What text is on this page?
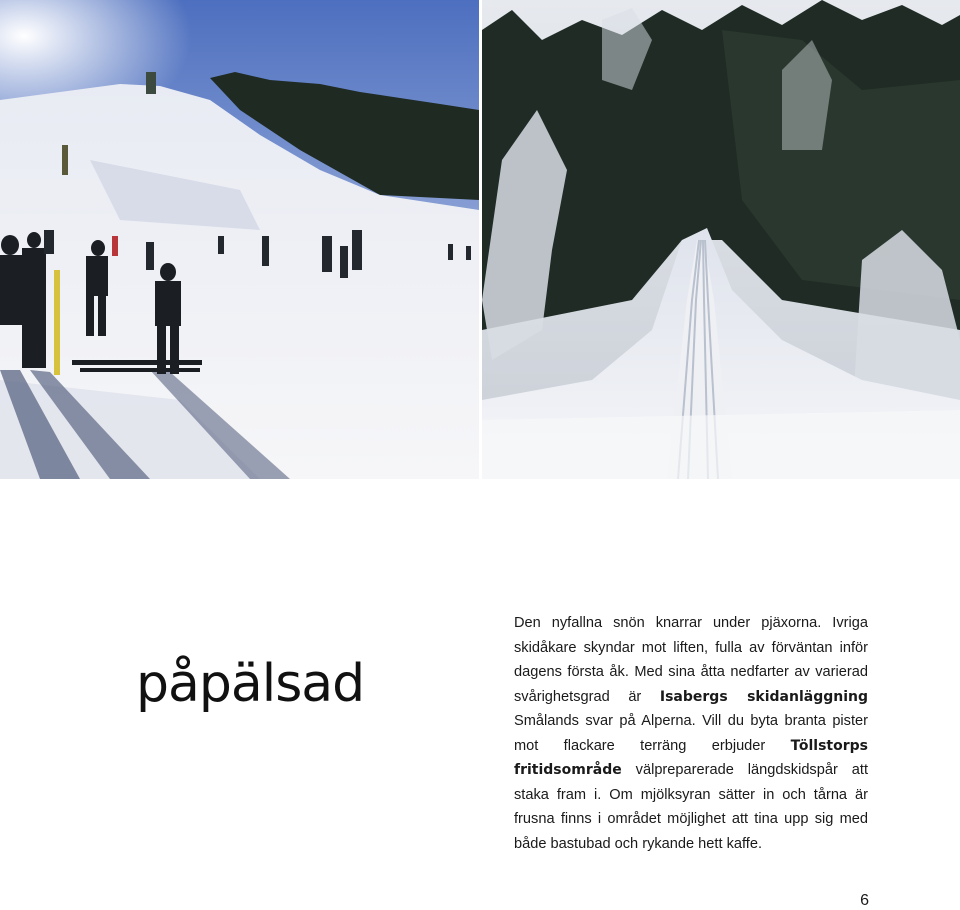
påpälsad

Den nyfallna snön knarrar under pjäxorna. Ivriga skidåkare skyndar mot liften, fulla av förväntan inför dagens första åk. Med sina åtta nedfarter av varierad svårighetsgrad är Isabergs skidanläggning Smålands svar på Alperna. Vill du byta branta pister mot flackare terräng erbjuder Töllstorps fritidsområde välpreparerade längdskidspår att staka fram i. Om mjölksyran sätter in och tårna är frusna finns i området möjlighet att tina upp sig med både bastubad och rykande hett kaffe.

6
